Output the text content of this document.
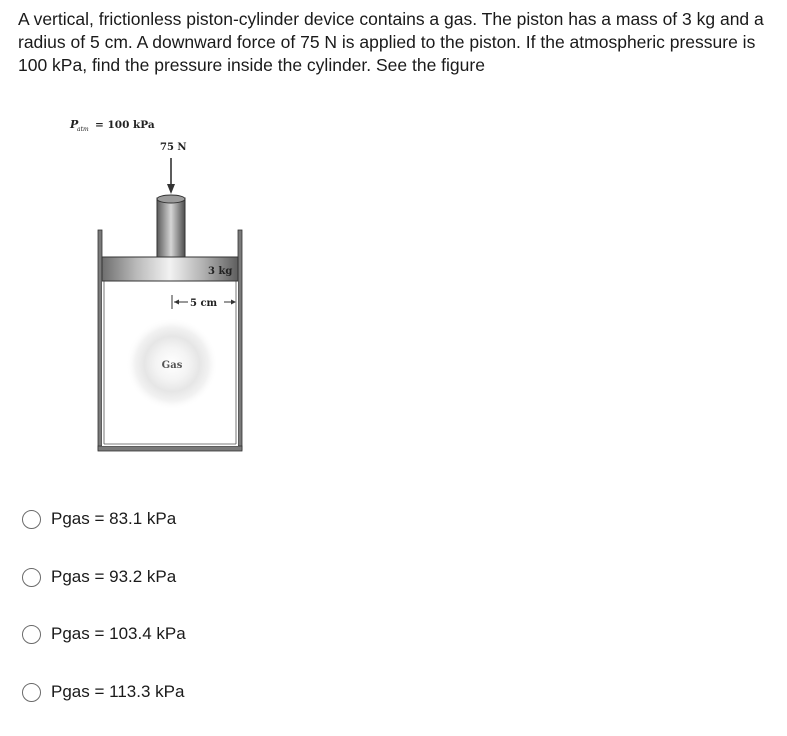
A vertical, frictionless piston-cylinder device contains a gas. The piston has a mass of 3 kg and a radius of 5 cm. A downward force of 75 N is applied to the piston. If the atmospheric pressure is 100 kPa, find the pressure inside the cylinder. See the figure

P
atm = 100 kPa
75 N
3 kg
5 cm
Gas
Pgas = 83.1 kPa
Pgas = 93.2 kPa
Pgas = 103.4 kPa
Pgas = 113.3 kPa
